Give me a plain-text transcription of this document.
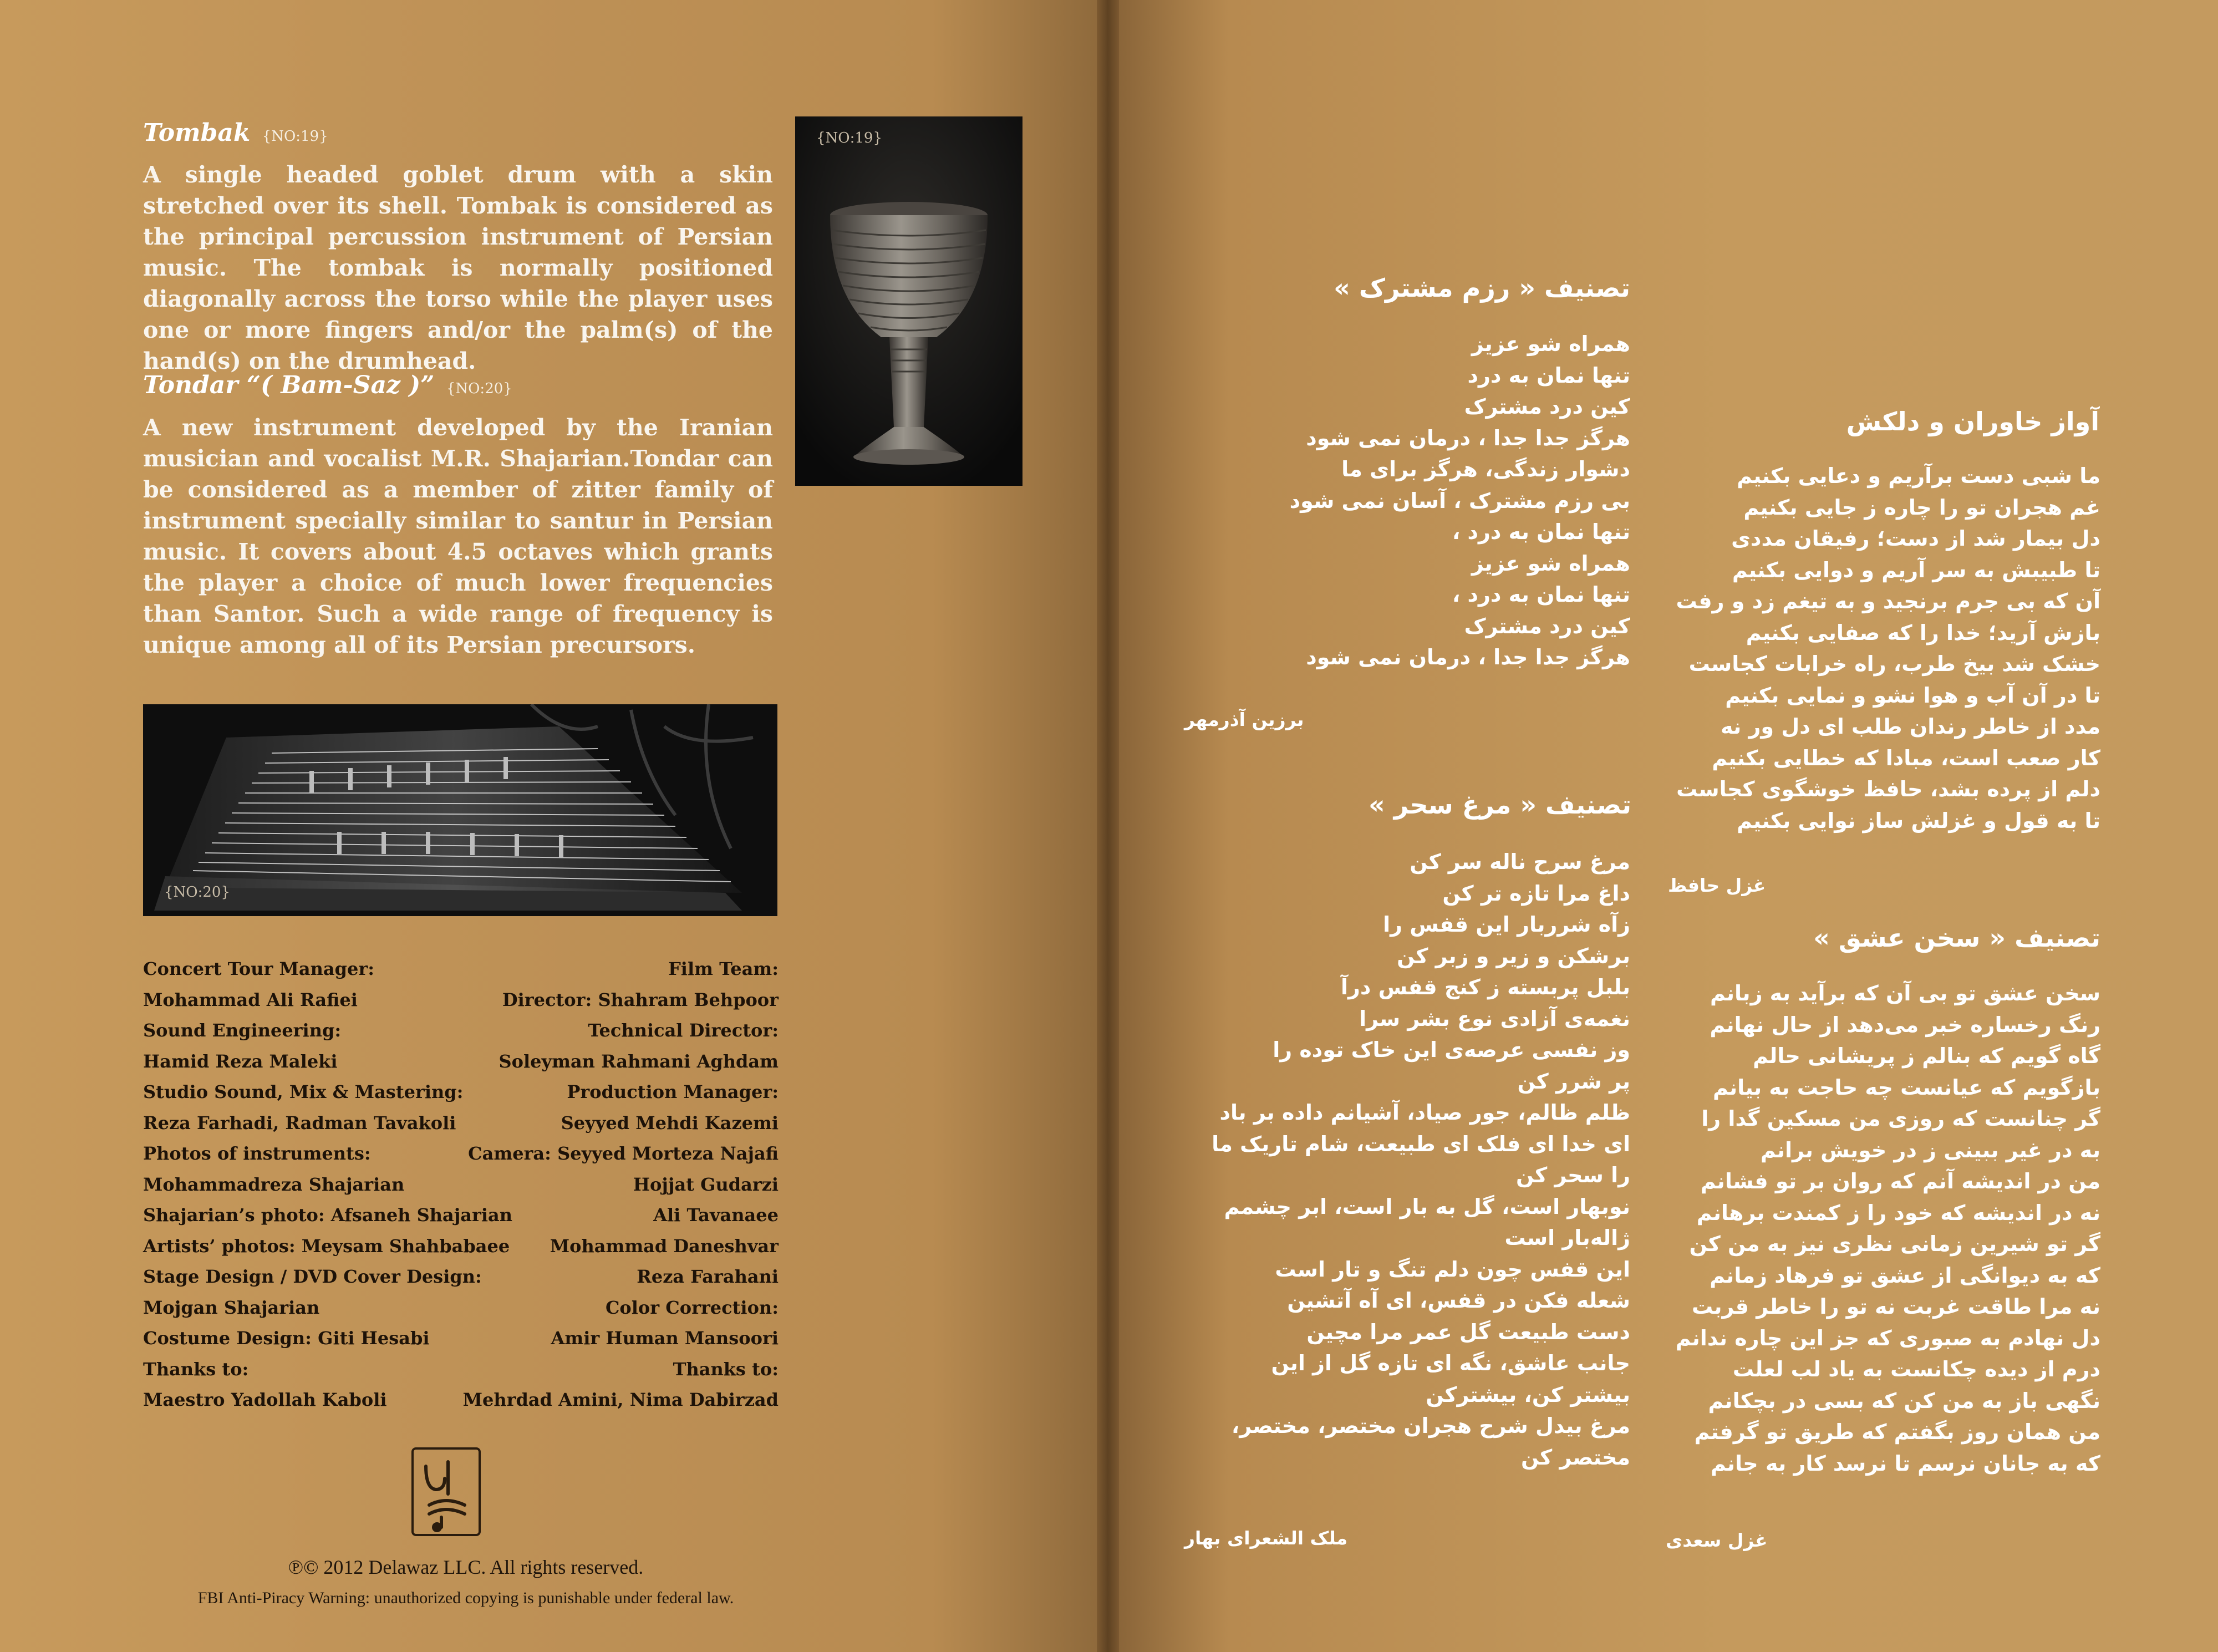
Tombak {NO:19}
A single headed goblet drum with a skin stretched over its shell. Tombak is considered as the principal percussion instrument of Persian music. The tombak is normally positioned diagonally across the torso while the player uses one or more fingers and/or the palm(s) of the hand(s) on the drumhead.
Tondar “( Bam-Saz )” {NO:20}
A new instrument developed by the Iranian musician and vocalist M.R. Shajarian.Tondar can be considered as a member of zitter family of instrument specially similar to santur in Persian music. It covers about 4.5 octaves which grants the player a choice of much lower frequencies than Santor. Such a wide range of frequency is unique among all of its Persian precursors.
{NO:19}
{NO:20}
Concert Tour Manager:
Mohammad Ali Rafiei
Sound Engineering:
Hamid Reza Maleki
Studio Sound, Mix & Mastering:
Reza Farhadi, Radman Tavakoli
Photos of instruments:
Mohammadreza Shajarian
Shajarian’s photo: Afsaneh Shajarian
Artists’ photos: Meysam Shahbabaee
Stage Design / DVD Cover Design:
Mojgan Shajarian
Costume Design: Giti Hesabi
Thanks to:
Maestro Yadollah Kaboli
Film Team:
Director: Shahram Behpoor
Technical Director:
Soleyman Rahmani Aghdam
Production Manager:
Seyyed Mehdi Kazemi
Camera: Seyyed Morteza Najafi
Hojjat Gudarzi
Ali Tavanaee
Mohammad Daneshvar
Reza Farahani
Color Correction:
Amir Human Mansoori
Thanks to:
Mehrdad Amini, Nima Dabirzad
℗© 2012 Delawaz LLC. All rights reserved.
FBI Anti-Piracy Warning: unauthorized copying is punishable under federal law.
تصنیف « رزم مشترک »
همراه شو عزیز
تنها نمان به درد
کین درد مشترک
هرگز جدا جدا ، درمان نمی شود
دشوار زندگی، هرگز برای ما
بی رزم مشترک ، آسان نمی شود
تنها نمان به درد ،
همراه شو عزیز
تنها نمان به درد ،
کین درد مشترک
هرگز جدا جدا ، درمان نمی شود
برزین آذرمهر
تصنیف « مرغ سحر »
مرغ سرح ناله سر کن
داغ مرا تازه تر کن
زآه شرربار این قفس را
برشکن و زیر و زبر کن
بلبل پربسته ز کنج قفس درآ
نغمه‌ی آزادی نوع بشر سرا
وز نفسی عرصه‌ی این خاک توده را
پر شرر کن
ظلم ظالم، جور صیاد، آشیانم داده بر باد
ای خدا ای فلک ای طبیعت، شام تاریک ما
را سحر کن
نوبهار است، گل به بار است، ابر چشمم
ژاله‌بار است
این قفس چون دلم تنگ و تار است
شعله فکن در قفس، ای آه آتشین
دست طبیعت گل عمر مرا مچین
جانب عاشق، نگه ای تازه گل از این
بیشتر کن، بیشترکن
مرغ بیدل شرح هجران مختصر، مختصر،
مختصر کن
ملک الشعرای بهار
آواز خاوران و دلکش
ما شبی دست برآریم و دعایی بکنیم
غم هجران تو را چاره ز جایی بکنیم
دل بیمار شد از دست؛ رفیقان مددی
تا طبیبش به سر آریم و دوایی بکنیم
آن که بی جرم برنجید و به تیغم زد و رفت
بازش آرید؛ خدا را که صفایی بکنیم
خشک شد بیخ طرب، راه خرابات کجاست
تا در آن آب و هوا نشو و نمایی بکنیم
مدد از خاطر رندان طلب ای دل ور نه
کار صعب است، مبادا که خطایی بکنیم
دلم از پرده بشد، حافظ خوشگوی کجاست
تا به قول و غزلش ساز نوایی بکنیم
غزل حافظ
تصنیف « سخن عشق »
سخن عشق تو بی آن که برآید به زبانم
رنگ رخساره خبر می‌دهد از حال نهانم
گاه گویم که بنالم ز پریشانی حالم
بازگویم که عیانست چه حاجت به بیانم
گر چنانست که روزی من مسکین گدا را
به در غیر ببینی ز در خویش برانم
من در اندیشه آنم که روان بر تو فشانم
نه در اندیشه که خود را ز کمندت برهانم
گر تو شیرین زمانی نظری نیز به من کن
که به دیوانگی از عشق تو فرهاد زمانم
نه مرا طاقت غربت نه تو را خاطر قربت
دل نهادم به صبوری که جز این چاره ندانم
درم از دیده چکانست به یاد لب لعلت
نگهی باز به من کن که بسی در بچکانم
من همان روز بگفتم که طریق تو گرفتم
که به جانان نرسم تا نرسد کار به جانم
غزل سعدی
